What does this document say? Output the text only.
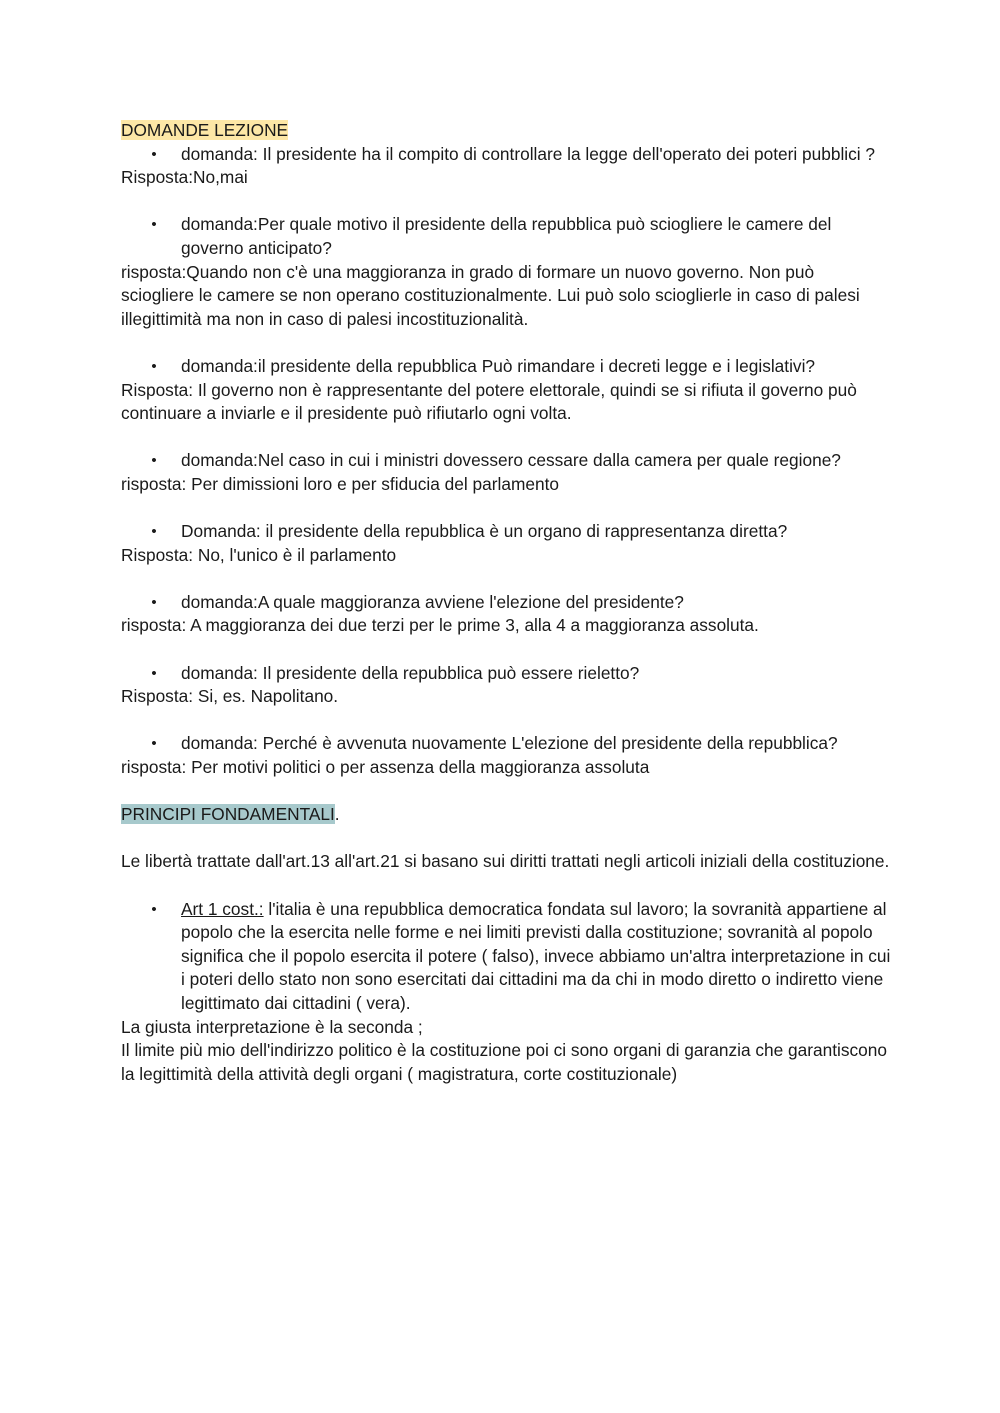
DOMANDE LEZIONE

• domanda: Il presidente ha il compito di controllare la legge dell'operato dei poteri pubblici ?

Risposta:No,mai

• domanda:Per quale motivo il presidente della repubblica può sciogliere le camere del governo anticipato?

risposta:Quando non c'è una maggioranza in grado di formare un nuovo governo. Non può sciogliere le camere se non operano costituzionalmente. Lui può solo scioglierle in caso di palesi illegittimità ma non in caso di palesi incostituzionalità.

• domanda:il presidente della repubblica Può rimandare i decreti legge e i legislativi?

Risposta: Il governo non è rappresentante del potere elettorale, quindi se si rifiuta il governo può continuare a inviarle e il presidente può rifiutarlo ogni volta.

• domanda:Nel caso in cui i ministri dovessero cessare dalla camera per quale regione?

risposta: Per dimissioni loro e per sfiducia del parlamento

• Domanda: il presidente della repubblica è un organo di rappresentanza diretta?

Risposta: No, l'unico è il parlamento

• domanda:A quale maggioranza avviene l'elezione del presidente?

risposta: A maggioranza dei due terzi per le prime 3, alla 4 a maggioranza assoluta.

• domanda: Il presidente della repubblica può essere rieletto?

Risposta: Si, es. Napolitano.

• domanda: Perché è avvenuta nuovamente L'elezione del presidente della repubblica?

risposta: Per motivi politici o per assenza della maggioranza assoluta

PRINCIPI FONDAMENTALI.

Le libertà trattate dall'art.13 all'art.21 si basano sui diritti trattati negli articoli iniziali della costituzione.

• Art 1 cost.: l'italia è una repubblica democratica fondata sul lavoro; la sovranità appartiene al popolo che la esercita nelle forme e nei limiti previsti dalla costituzione; sovranità al popolo significa che il popolo esercita il potere ( falso), invece abbiamo un'altra interpretazione in cui i poteri dello stato non sono esercitati dai cittadini ma da chi in modo diretto o indiretto viene legittimato dai cittadini ( vera).

La giusta interpretazione è la seconda ;

Il limite più mio dell'indirizzo politico è la costituzione poi ci sono organi di garanzia che garantiscono la legittimità della attività degli organi ( magistratura, corte costituzionale)
